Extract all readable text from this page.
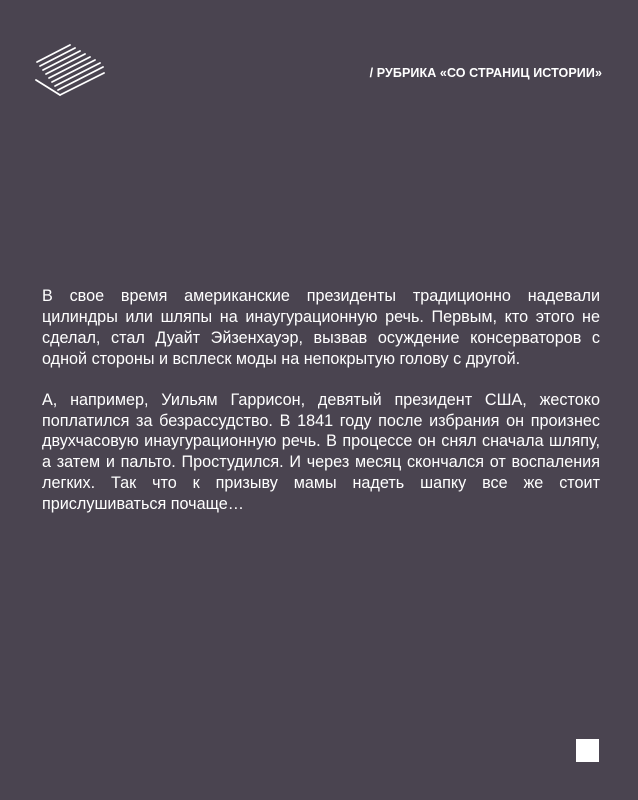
/ РУБРИКА «СО СТРАНИЦ ИСТОРИИ»

В свое время американские президенты традиционно надевали цилиндры или шляпы на инаугурационную речь. Первым, кто этого не сделал, стал Дуайт Эйзенхауэр, вызвав осуждение консерваторов с одной стороны и всплеск моды на непокрытую голову с другой.

А, например, Уильям Гаррисон, девятый президент США, жестоко поплатился за безрассудство. В 1841 году после избрания он произнес двухчасовую инаугурационную речь. В процессе он снял сначала шляпу, а затем и пальто. Простудился. И через месяц скончался от воспаления легких. Так что к призыву мамы надеть шапку все же стоит прислушиваться почаще…
